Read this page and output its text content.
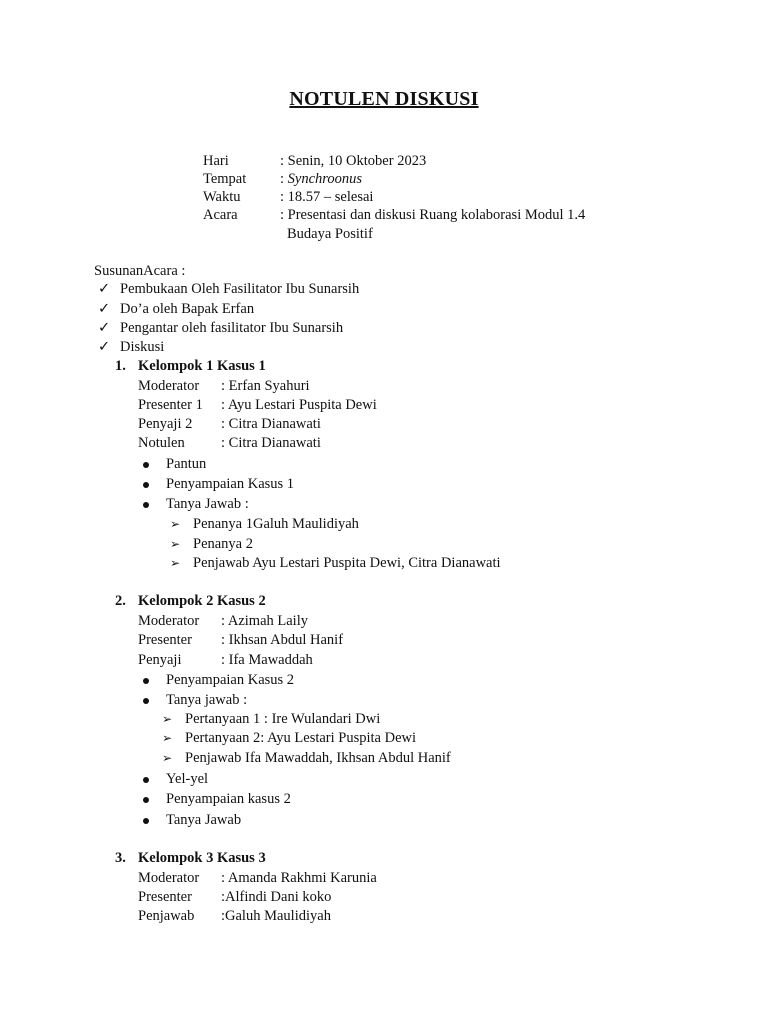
NOTULEN DISKUSI
Hari	: Senin, 10 Oktober 2023
Tempat : Synchroonus
Waktu	: 18.57 – selesai
Acara	: Presentasi dan diskusi Ruang kolaborasi Modul 1.4
Budaya Positif
SusunanAcara :
✓ Pembukaan Oleh Fasilitator Ibu Sunarsih
✓ Do’a oleh Bapak Erfan
✓ Pengantar oleh fasilitator Ibu Sunarsih
✓ Diskusi
1. Kelompok 1 Kasus 1
Moderator : Erfan Syahuri
Presenter 1 : Ayu Lestari Puspita Dewi
Penyaji 2 : Citra Dianawati
Notulen	: Citra Dianawati
Pantun
Penyampaian Kasus 1
Tanya Jawab :
➢ Penanya 1Galuh Maulidiyah
➢ Penanya 2
➢ Penjawab Ayu Lestari Puspita Dewi, Citra Dianawati
2. Kelompok 2 Kasus 2
Moderator : Azimah Laily
Presenter : Ikhsan Abdul Hanif
Penyaji	: Ifa Mawaddah
Penyampaian Kasus 2
Tanya jawab :
➢ Pertanyaan 1 : Ire Wulandari Dwi
➢ Pertanyaan 2: Ayu Lestari Puspita Dewi
➢ Penjawab Ifa Mawaddah, Ikhsan Abdul Hanif
Yel-yel
Penyampaian kasus 2
Tanya Jawab
3. Kelompok 3 Kasus 3
Moderator : Amanda Rakhmi Karunia
Presenter :Alfindi Dani koko
Penjawab :Galuh Maulidiyah
